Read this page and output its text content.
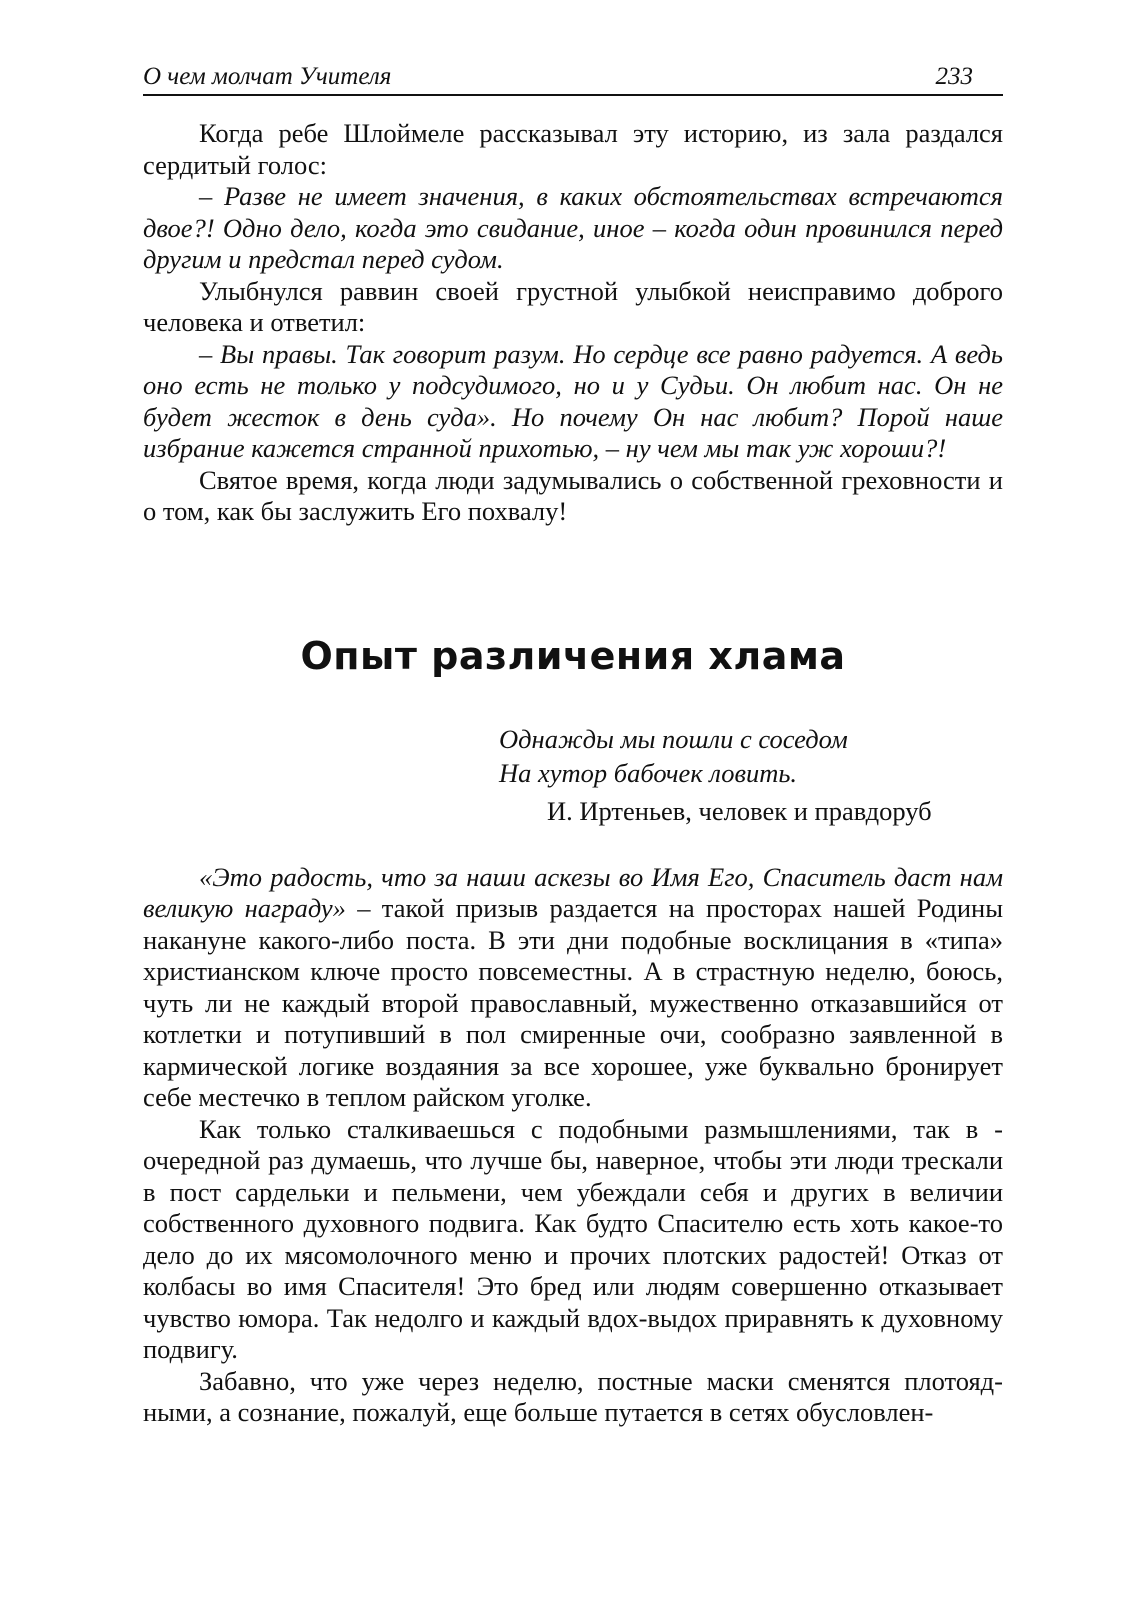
О чем молчат Учителя	233

Когда ребе Шлоймеле рассказывал эту историю, из зала раздался сердитый голос:

– Разве не имеет значения, в каких обстоятельствах встречаются двое?! Одно дело, когда это свидание, иное – когда один провинился перед другим и предстал перед судом.

Улыбнулся раввин своей грустной улыбкой неисправимо доброго человека и ответил:

– Вы правы. Так говорит разум. Но сердце все равно радуется. А ведь оно есть не только у подсудимого, но и у Судьи. Он любит нас. Он не будет жесток в день суда». Но почему Он нас любит? Порой наше избрание кажется странной прихотью, – ну чем мы так уж хороши?!

Святое время, когда люди задумывались о собственной греховности и о том, как бы заслужить Его похвалу!

Опыт различения хлама
Однажды мы пошли с соседом
На хутор бабочек ловить.
И. Иртеньев, человек и правдоруб

«Это радость, что за наши аскезы во Имя Его, Спаситель даст нам великую награду» – такой призыв раздается на просторах нашей Родины накануне какого-либо поста. В эти дни подобные восклицания в «типа» христианском ключе просто повсеместны. А в страстную неделю, боюсь, чуть ли не каждый второй православный, мужественно отказавшийся от котлетки и потупивший в пол смиренные очи, сообразно заявленной в кармической логике воздаяния за все хорошее, уже буквально бронирует себе местечко в теплом райском уголке.

Как только сталкиваешься с подобными размышлениями, так в - очередной раз думаешь, что лучше бы, наверное, чтобы эти люди трескали в пост сардельки и пельмени, чем убеждали себя и других в величии собственного духовного подвига. Как будто Спасителю есть хоть какое-то дело до их мясомолочного меню и прочих плотских радостей! Отказ от колбасы во имя Спасителя! Это бред или людям совершенно отказывает чувство юмора. Так недолго и каждый вдох-выдох приравнять к духовному подвигу.

Забавно, что уже через неделю, постные маски сменятся плотоядными, а сознание, пожалуй, еще больше путается в сетях обусловлен-
